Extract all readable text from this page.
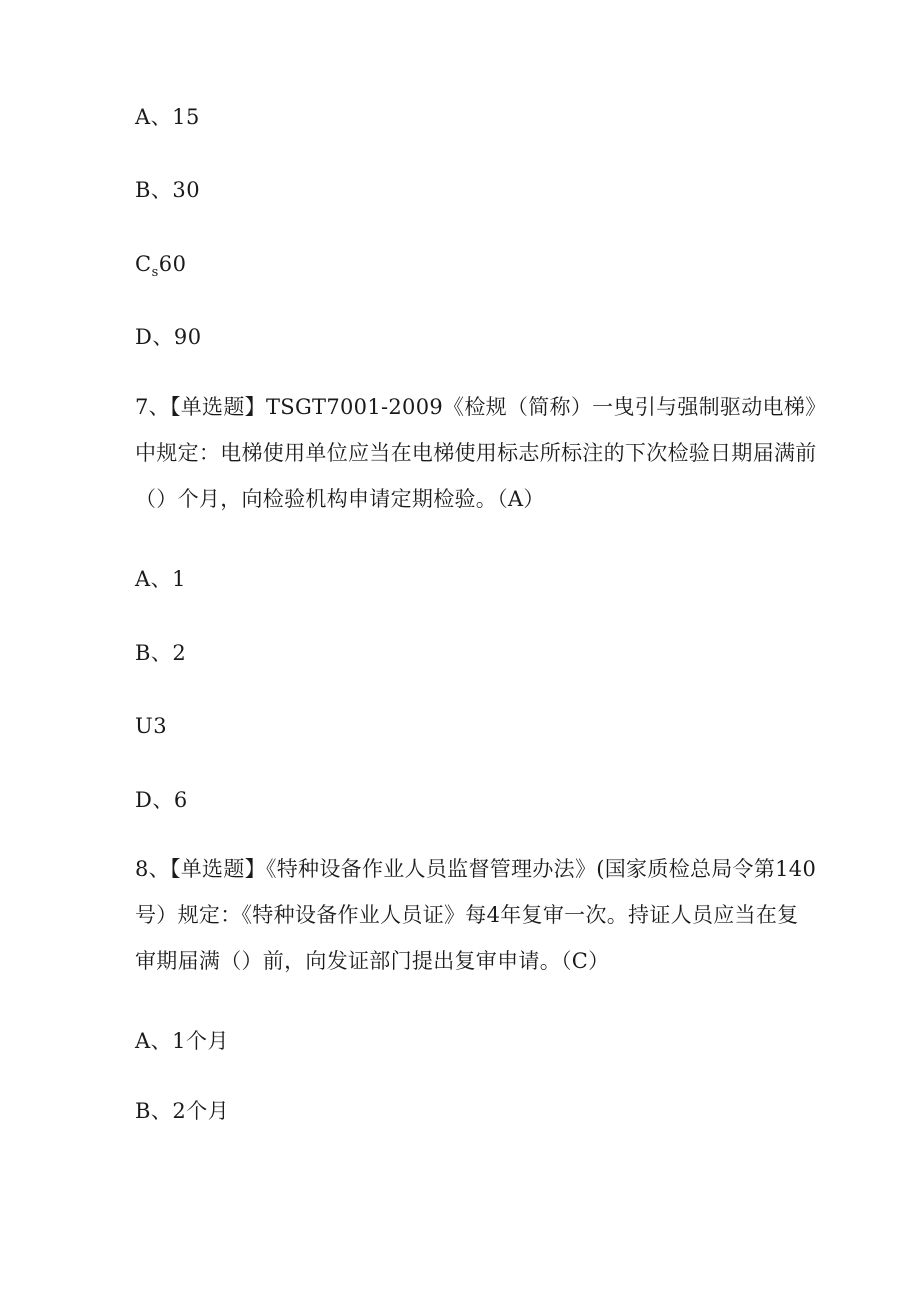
A、15
B、30
$C_s60$
D、90
7、【单选题】TSGT7001-2009《检规（简称）一曳引与强制驱动电梯》
中规定：电梯使用单位应当在电梯使用标志所标注的下次检验日期届满前
（）个月，向检验机构申请定期检验。（A）
A、1
B、2
U3
D、6
8、【单选题】《特种设备作业人员监督管理办法》(国家质检总局令第140
号）规定：《特种设备作业人员证》每4年复审一次。持证人员应当在复
审期届满（）前，向发证部门提出复审申请。（C）
A、1个月
B、2个月
